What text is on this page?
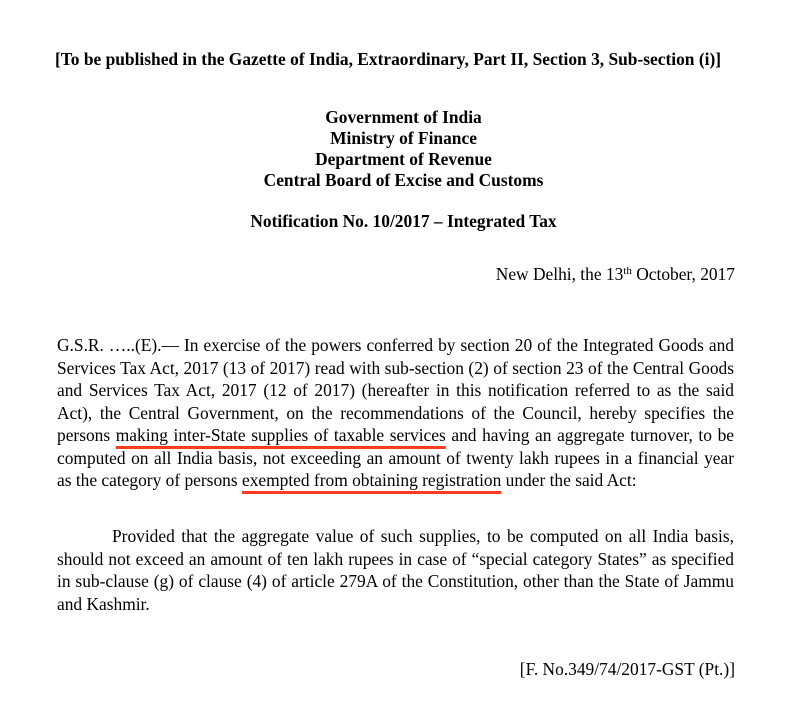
[To be published in the Gazette of India, Extraordinary, Part II, Section 3, Sub-section (i)]
Government of India
Ministry of Finance
Department of Revenue
Central Board of Excise and Customs
Notification No. 10/2017 – Integrated Tax
New Delhi, the 13th October, 2017
G.S.R. …..(E).— In exercise of the powers conferred by section 20 of the Integrated Goods and Services Tax Act, 2017 (13 of 2017) read with sub-section (2) of section 23 of the Central Goods and Services Tax Act, 2017 (12 of 2017) (hereafter in this notification referred to as the said Act), the Central Government, on the recommendations of the Council, hereby specifies the persons making inter-State supplies of taxable services and having an aggregate turnover, to be computed on all India basis, not exceeding an amount of twenty lakh rupees in a financial year as the category of persons exempted from obtaining registration under the said Act:
Provided that the aggregate value of such supplies, to be computed on all India basis, should not exceed an amount of ten lakh rupees in case of “special category States” as specified in sub-clause (g) of clause (4) of article 279A of the Constitution, other than the State of Jammu and Kashmir.
[F. No.349/74/2017-GST (Pt.)]
